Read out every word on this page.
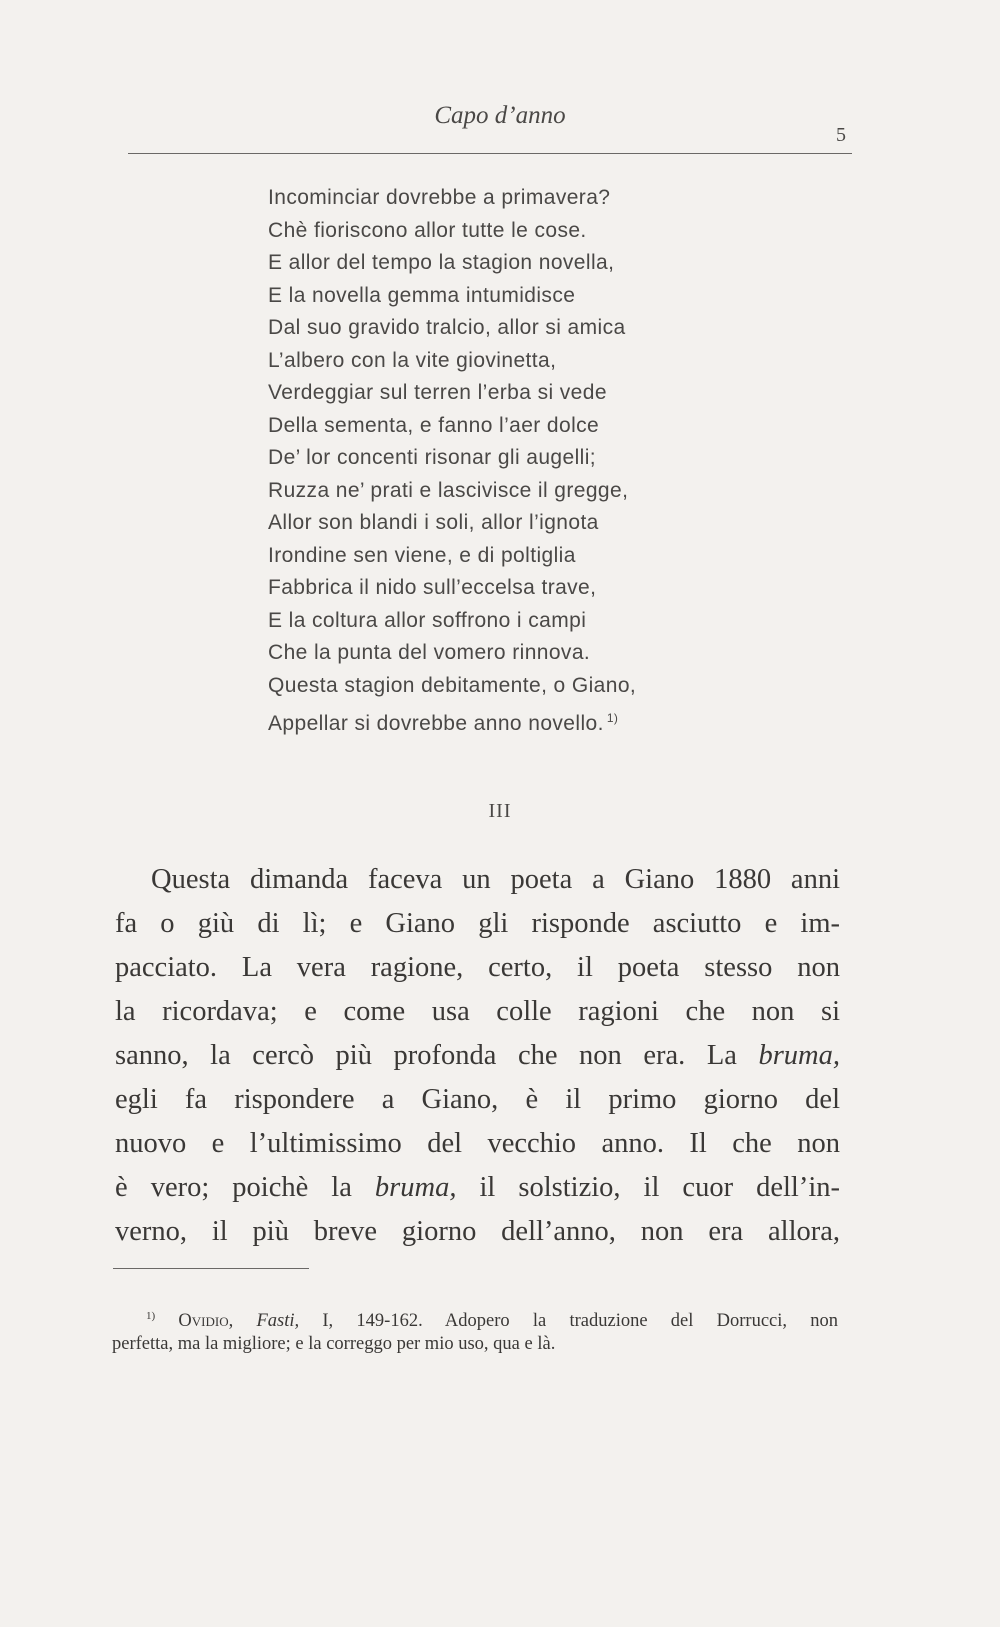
Capo d’anno
5
Incominciar dovrebbe a primavera?
Chè fioriscono allor tutte le cose.
E allor del tempo la stagion novella,
E la novella gemma intumidisce
Dal suo gravido tralcio, allor si amica
L’albero con la vite giovinetta,
Verdeggiar sul terren l’erba si vede
Della sementa, e fanno l’aer dolce
De’ lor concenti risonar gli augelli;
Ruzza ne’ prati e lascivisce il gregge,
Allor son blandi i soli, allor l’ignota
Irondine sen viene, e di poltiglia
Fabbrica il nido sull’eccelsa trave,
E la coltura allor soffrono i campi
Che la punta del vomero rinnova.
Questa stagion debitamente, o Giano,
Appellar si dovrebbe anno novello. $^{1)}$
III
Questa dimanda faceva un poeta a Giano 1880 anni
fa o giù di lì; e Giano gli risponde asciutto e im-
pacciato. La vera ragione, certo, il poeta stesso non
la ricordava; e come usa colle ragioni che non si
sanno, la cercò più profonda che non era. La bruma,
egli fa rispondere a Giano, è il primo giorno del
nuovo e l’ultimissimo del vecchio anno. Il che non
è vero; poichè la bruma, il solstizio, il cuor dell’in-
verno, il più breve giorno dell’anno, non era allora,
$^{1)}$ Ovidio, Fasti, I, 149-162. Adopero la traduzione del Dorrucci, non
perfetta, ma la migliore; e la correggo per mio uso, qua e là.
